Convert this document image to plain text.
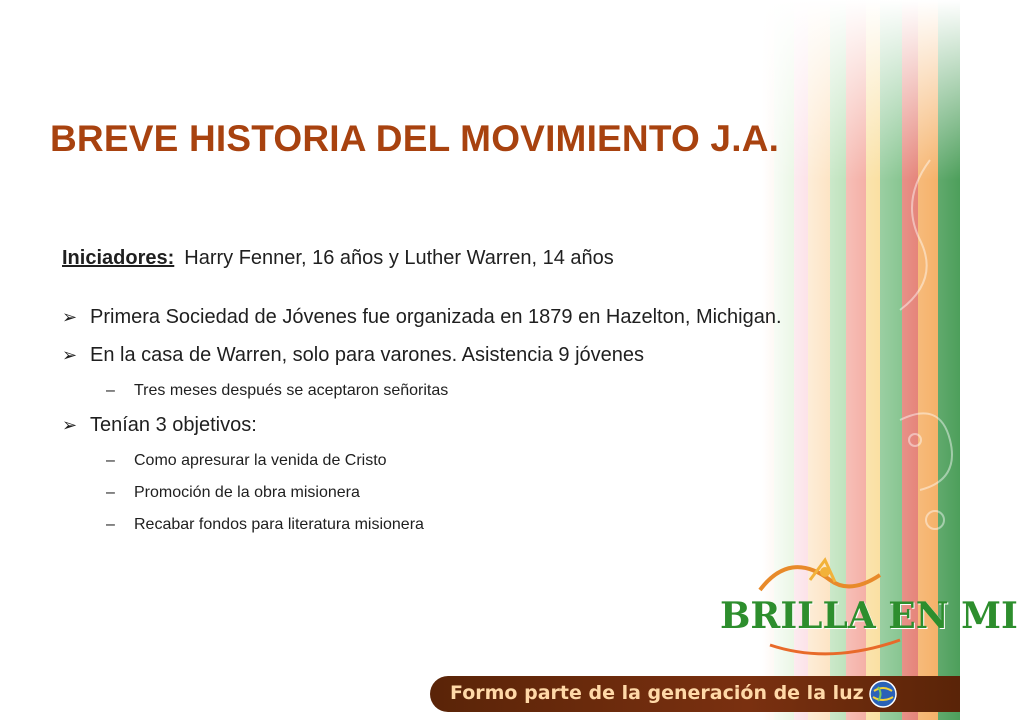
BREVE HISTORIA DEL MOVIMIENTO J.A.

Iniciadores: Harry Fenner, 16 años y Luther Warren, 14 años

➢ Primera Sociedad de Jóvenes fue organizada en 1879 en Hazelton, Michigan.

➢ En la casa de Warren, solo para varones. Asistencia 9 jóvenes

– Tres meses después se aceptaron señoritas

➢ Tenían 3 objetivos:

– Como apresurar la venida de Cristo

– Promoción de la obra misionera

– Recabar fondos para literatura misionera

BRILLA EN MI
Formo parte de la generación de la luz
